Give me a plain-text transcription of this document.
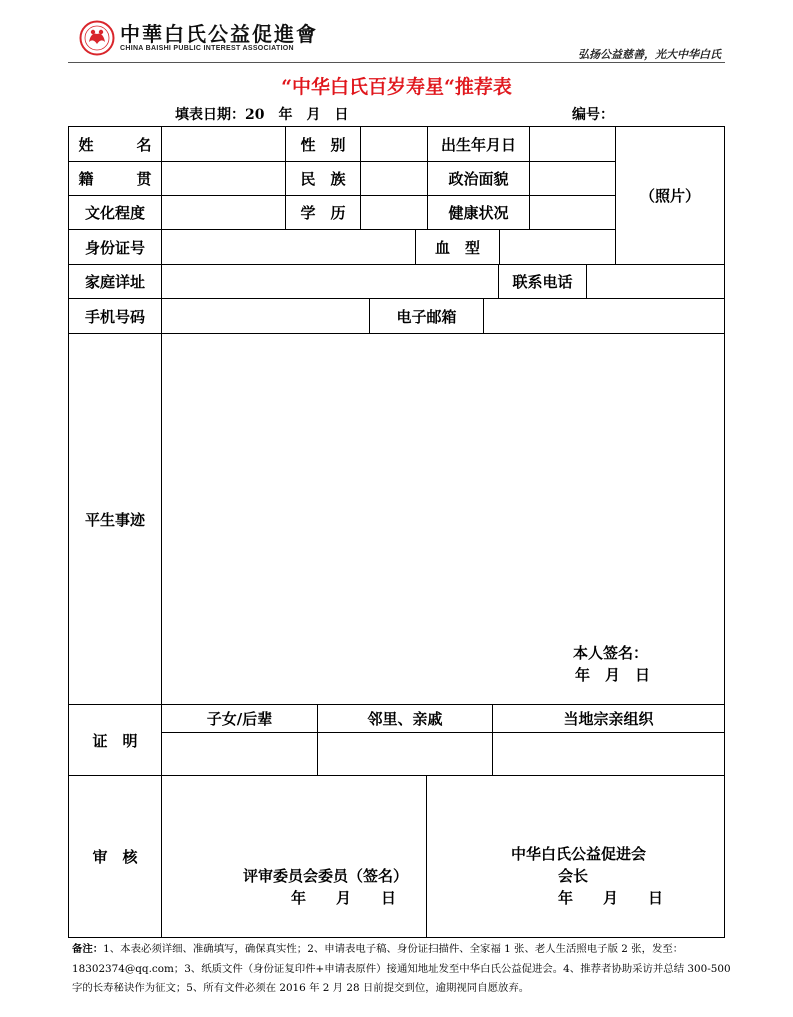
中華白氏公益促進會
CHINA BAISHI PUBLIC INTEREST ASSOCIATION	弘扬公益慈善，光大中华白氏
“中华白氏百岁寿星“推荐表
填表日期：20　年　月　日	编号：
姓　名	性　别	出生年月日
（照片）
籍　贯	民　族	政治面貌
文化程度	学　历	健康状况
身份证号	血　型
家庭详址	联系电话
手机号码	电子邮箱
平生事迹
本人签名：
年　月　日
证　明
子女/后辈	邻里、亲戚	当地宗亲组织
审　核
评审委员会委员（签名）
年　　月　　日
中华白氏公益促进会
会长
年　　月　　日
备注：1、本表必须详细、准确填写，确保真实性；2、申请表电子稿、身份证扫描件、全家福 1 张、老人生活照电子版 2 张，发至：18302374@qq.com；3、纸质文件（身份证复印件+申请表原件）接通知地址发至中华白氏公益促进会。4、推荐者协助采访并总结 300-500 字的长寿秘诀作为征文；5、所有文件必须在 2016 年 2 月 28 日前提交到位，逾期视同自愿放弃。
